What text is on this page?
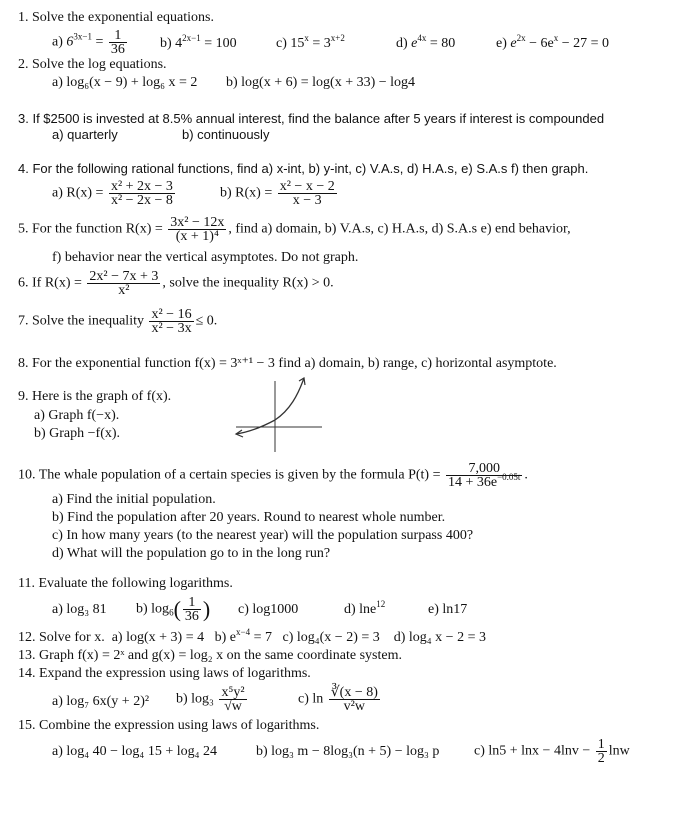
1. Solve the exponential equations.
a) $6^{3x-1} = \frac{1}{36} b$) $4^{2x-1} = 100$	c) $15^x = 3^{x+2}$	d) $e^{4x} = 80$	e) $e^{2x} - 6e^x - 27 = 0$
2. Solve the log equations.
a) log₆(x − 9) + log₆ x = 2 b) log(x + 6) = log(x + 33) − log4
3. If $2500 is invested at 8.5% annual interest, find the balance after 5 years if interest is compounded
a) quarterly	b) continuously
4. For the following rational functions, find a) x-int, b) y-int, c) V.A.s, d) H.A.s, e) S.A.s f) then graph.
a) $R(x) = \frac{\text{x² + 2x − 3}}{\text{x² − 2x − 8}}$	b) $R(x) = \frac{\text{x² − x − 2}}{x - 3}$
5. For the function $R(x) = \frac{\text{3x² − 12x}}{\text{(x + 1)⁴}}$ , find a) domain, b) V.A.s, c) H.A.s, d) S.A.s e) end behavior,
f) behavior near the vertical asymptotes. Do not graph.
6. If $R(x) = \frac{\text{2x² − 7x + 3}}{\text{x²}}$ , solve the inequality R(x) > 0.
7. Solve the inequality $\frac{\text{x² − 16}}{\text{x² − 3x}} \le 0$.
8. For the exponential function f(x) = 3ˣ⁺¹ − 3 find a) domain, b) range, c) horizontal asymptote.
9. Here is the graph of f(x).
a) Graph f(−x).
b) Graph −f(x).
10. The whale population of a certain species is given by the formula $P(t) = \frac{7,000}{14 + 36e^{-0.05t}}$ .
a) Find the initial population.
b) Find the population after 20 years. Round to nearest whole number.
c) In how many years (to the nearest year) will the population surpass 400?
d) What will the population go to in the long run?
11. Evaluate the following logarithms.
a) log₃ 81 b) $\log_6( \frac{1}{36}$ ) c) log1000	d) lne$^{12}$	e) ln17
12. Solve for x. a) log(x + 3) = 4 b) $e^{x-4} = 7$ c) log₄(x − 2) = 3 d) log₄ x − 2 = 3
13. Graph f(x) = 2ˣ and g(x) = log₂ x on the same coordinate system.
14. Expand the expression using laws of logarithms.
a) log₇ 6x(y + 2)² b) $\log_3 \frac{\text{x⁵y²}}{√w}$	c) $\ln \frac{∛(x - 8)}{\text{v²w}}$
15. Combine the expression using laws of logarithms.
a) log₄ 40 − log₄ 15 + log₄ 24	b) log₃ m − 8log₃(n + 5) − log₃ p c) $\ln 5 + \ln x - 4\ln v - \frac{1}{2}$ lnw
